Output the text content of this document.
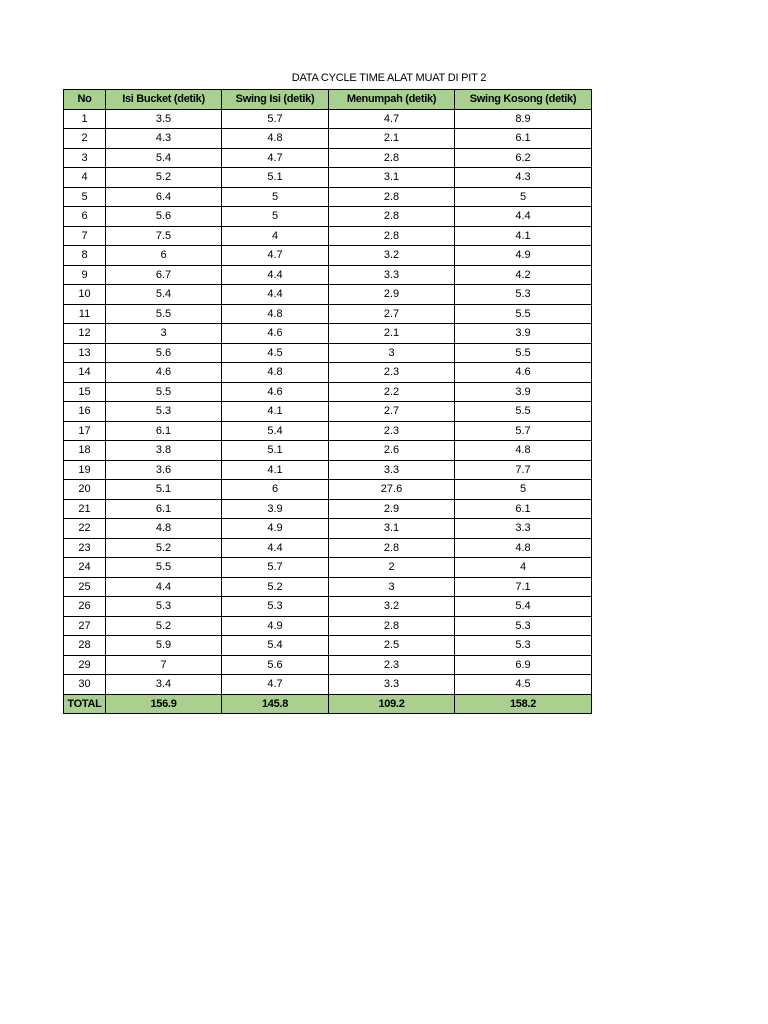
DATA CYCLE TIME ALAT MUAT DI PIT 2
No	Isi Bucket (detik)	Swing Isi (detik)	Menumpah (detik)	Swing Kosong (detik)
1	3.5	5.7	4.7	8.9
2	4.3	4.8	2.1	6.1
3	5.4	4.7	2.8	6.2
4	5.2	5.1	3.1	4.3
5	6.4	5	2.8	5
6	5.6	5	2.8	4.4
7	7.5	4	2.8	4.1
8	6	4.7	3.2	4.9
9	6.7	4.4	3.3	4.2
10	5.4	4.4	2.9	5.3
11	5.5	4.8	2.7	5.5
12	3	4.6	2.1	3.9
13	5.6	4.5	3	5.5
14	4.6	4.8	2.3	4.6
15	5.5	4.6	2.2	3.9
16	5.3	4.1	2.7	5.5
17	6.1	5.4	2.3	5.7
18	3.8	5.1	2.6	4.8
19	3.6	4.1	3.3	7.7
20	5.1	6	27.6	5
21	6.1	3.9	2.9	6.1
22	4.8	4.9	3.1	3.3
23	5.2	4.4	2.8	4.8
24	5.5	5.7	2	4
25	4.4	5.2	3	7.1
26	5.3	5.3	3.2	5.4
27	5.2	4.9	2.8	5.3
28	5.9	5.4	2.5	5.3
29	7	5.6	2.3	6.9
30	3.4	4.7	3.3	4.5
TOTAL	156.9	145.8	109.2	158.2
